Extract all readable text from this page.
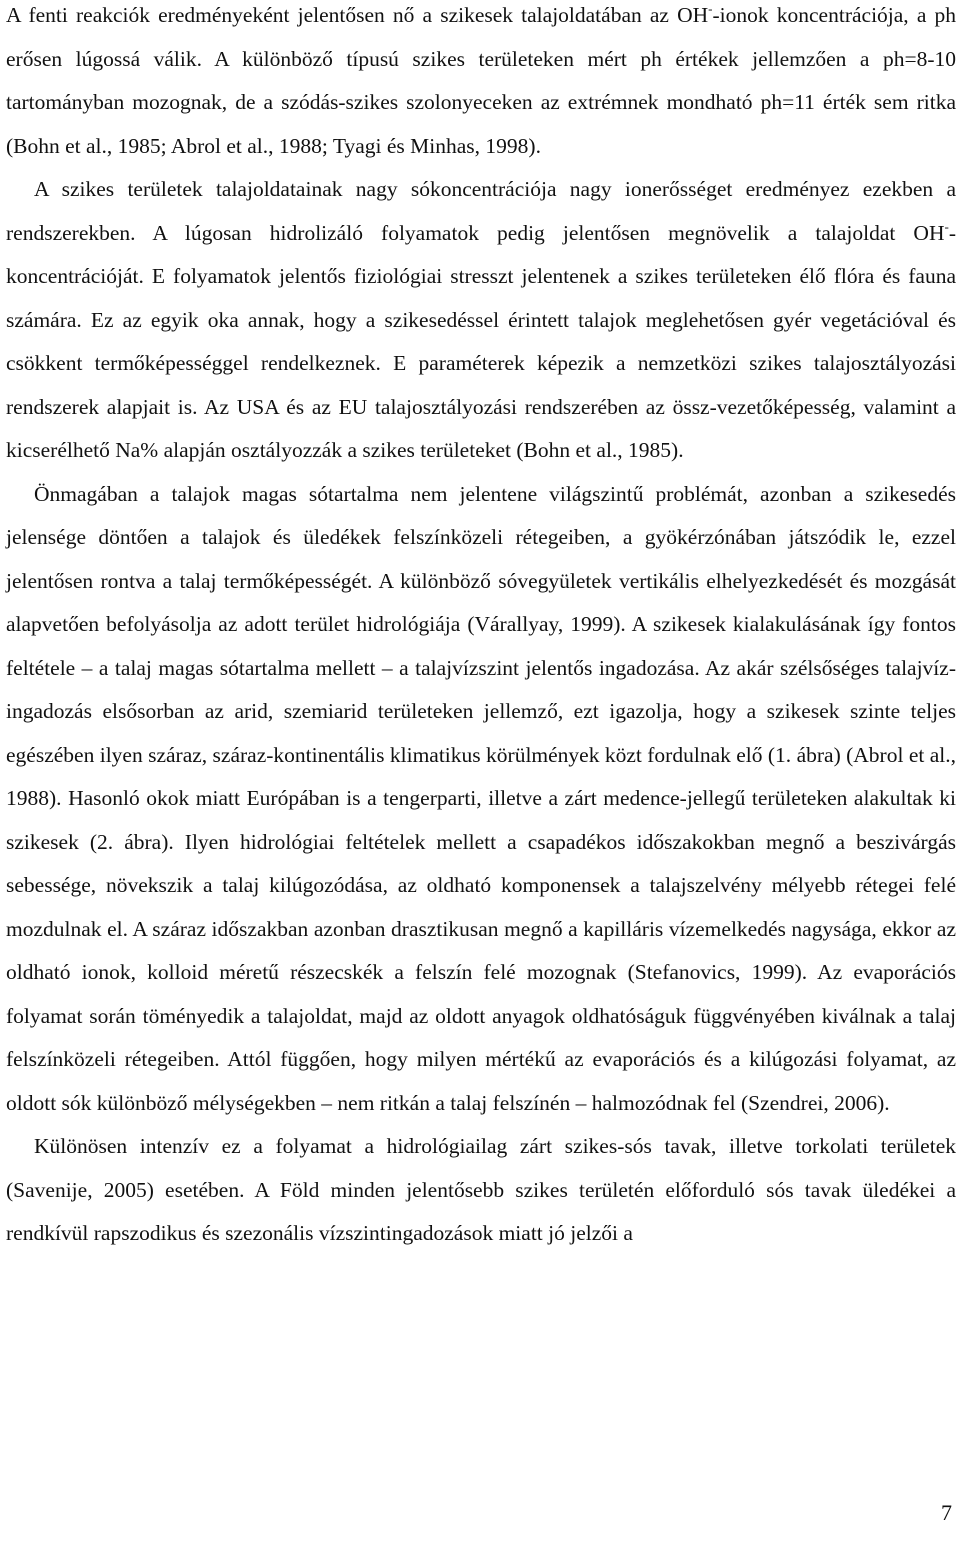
A fenti reakciók eredményeként jelentősen nő a szikesek talajoldatában az OH--ionok koncentrációja, a ph erősen lúgossá válik. A különböző típusú szikes területeken mért ph értékek jellemzően a ph=8-10 tartományban mozognak, de a szódás-szikes szolonyeceken az extrémnek mondható ph=11 érték sem ritka (Bohn et al., 1985; Abrol et al., 1988; Tyagi és Minhas, 1998).

A szikes területek talajoldatainak nagy sókoncentrációja nagy ionerősséget eredményez ezekben a rendszerekben. A lúgosan hidrolizáló folyamatok pedig jelentősen megnövelik a talajoldat OH--koncentrációját. E folyamatok jelentős fiziológiai stresszt jelentenek a szikes területeken élő flóra és fauna számára. Ez az egyik oka annak, hogy a szikesedéssel érintett talajok meglehetősen gyér vegetációval és csökkent termőképességgel rendelkeznek. E paraméterek képezik a nemzetközi szikes talajosztályozási rendszerek alapjait is. Az USA és az EU talajosztályozási rendszerében az össz-vezetőképesség, valamint a kicserélhető Na% alapján osztályozzák a szikes területeket (Bohn et al., 1985).

Önmagában a talajok magas sótartalma nem jelentene világszintű problémát, azonban a szikesedés jelensége döntően a talajok és üledékek felszínközeli rétegeiben, a gyökérzónában játszódik le, ezzel jelentősen rontva a talaj termőképességét. A különböző sóvegyületek vertikális elhelyezkedését és mozgását alapvetően befolyásolja az adott terület hidrológiája (Várallyay, 1999). A szikesek kialakulásának így fontos feltétele – a talaj magas sótartalma mellett – a talajvízszint jelentős ingadozása. Az akár szélsőséges talajvíz-ingadozás elsősorban az arid, szemiarid területeken jellemző, ezt igazolja, hogy a szikesek szinte teljes egészében ilyen száraz, száraz-kontinentális klimatikus körülmények közt fordulnak elő (1. ábra) (Abrol et al., 1988). Hasonló okok miatt Európában is a tengerparti, illetve a zárt medence-jellegű területeken alakultak ki szikesek (2. ábra). Ilyen hidrológiai feltételek mellett a csapadékos időszakokban megnő a beszivárgás sebessége, növekszik a talaj kilúgozódása, az oldható komponensek a talajszelvény mélyebb rétegei felé mozdulnak el. A száraz időszakban azonban drasztikusan megnő a kapilláris vízemelkedés nagysága, ekkor az oldható ionok, kolloid méretű részecskék a felszín felé mozognak (Stefanovics, 1999). Az evaporációs folyamat során töményedik a talajoldat, majd az oldott anyagok oldhatóságuk függvényében kiválnak a talaj felszínközeli rétegeiben. Attól függően, hogy milyen mértékű az evaporációs és a kilúgozási folyamat, az oldott sók különböző mélységekben – nem ritkán a talaj felszínén – halmozódnak fel (Szendrei, 2006).

Különösen intenzív ez a folyamat a hidrológiailag zárt szikes-sós tavak, illetve torkolati területek (Savenije, 2005) esetében. A Föld minden jelentősebb szikes területén előforduló sós tavak üledékei a rendkívül rapszodikus és szezonális vízszintingadozások miatt jó jelzői a

7
